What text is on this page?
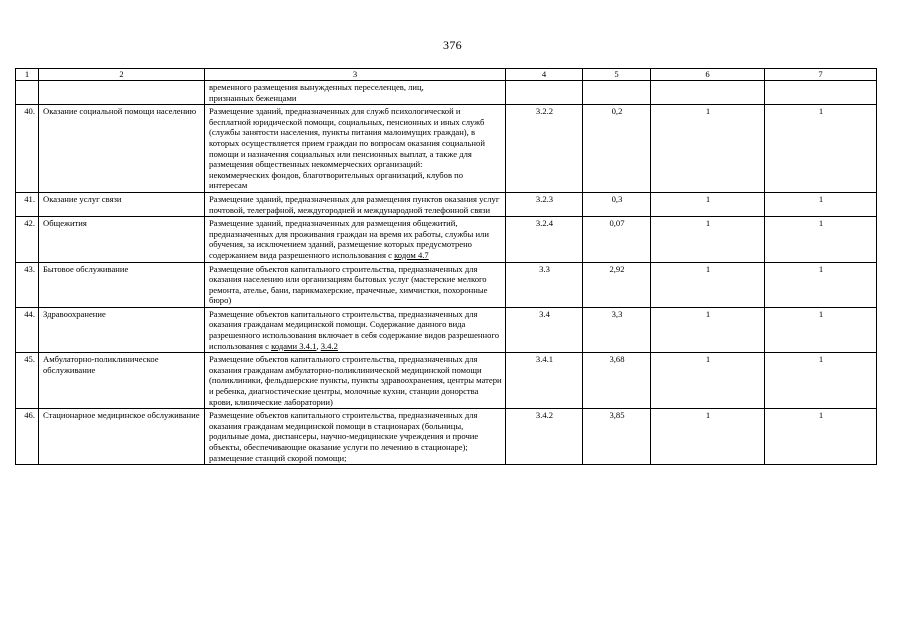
376
1	2	3	4	5	6	7
		временного размещения вынужденных переселенцев, лиц,
признанных беженцами				
40.	Оказание социальной помощи населению	Размещение зданий, предназначенных для служб психологической и бесплатной юридической помощи, социальных, пенсионных и иных служб (службы занятости населения, пункты питания малоимущих граждан), в которых осуществляется прием граждан по вопросам оказания социальной помощи и назначения социальных или пенсионных выплат, а также для размещения общественных некоммерческих организаций:
некоммерческих фондов, благотворительных организаций, клубов по интересам	3.2.2	0,2	1	1
41.	Оказание услуг связи	Размещение зданий, предназначенных для размещения пунктов оказания услуг почтовой, телеграфной, междугородней и международной телефонной связи	3.2.3	0,3	1	1
42.	Общежития	Размещение зданий, предназначенных для размещения общежитий, предназначенных для проживания граждан на время их работы, службы или обучения, за исключением зданий, размещение которых предусмотрено содержанием вида разрешенного использования с кодом 4.7	3.2.4	0,07	1	1
43.	Бытовое обслуживание	Размещение объектов капитального строительства, предназначенных для оказания населению или организациям бытовых услуг (мастерские мелкого ремонта, ателье, бани, парикмахерские, прачечные, химчистки, похоронные бюро)	3.3	2,92	1	1
44.	Здравоохранение	Размещение объектов капитального строительства, предназначенных для оказания гражданам медицинской помощи. Содержание данного вида разрешенного использования включает в себя содержание видов разрешенного использования с кодами 3.4.1, 3.4.2	3.4	3,3	1	1
45.	Амбулаторно-поликлиническое обслуживание	Размещение объектов капитального строительства, предназначенных для оказания гражданам амбулаторно-поликлинической медицинской помощи (поликлиники, фельдшерские пункты, пункты здравоохранения, центры матери и ребенка, диагностические центры, молочные кухни, станции донорства крови, клинические лаборатории)	3.4.1	3,68	1	1
46.	Стационарное медицинское обслуживание	Размещение объектов капитального строительства, предназначенных для оказания гражданам медицинской помощи в стационарах (больницы, родильные дома, диспансеры, научно-медицинские учреждения и прочие объекты, обеспечивающие оказание услуги по лечению в стационаре);
размещение станций скорой помощи;	3.4.2	3,85	1	1
